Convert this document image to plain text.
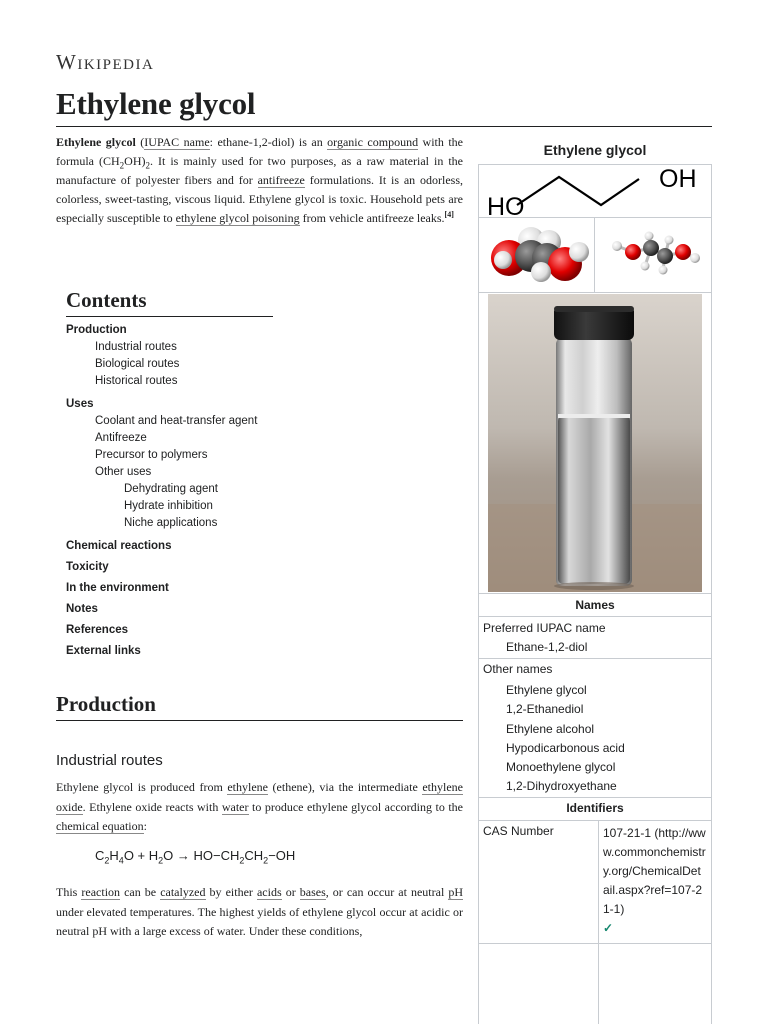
Wikipedia
Ethylene glycol
Ethylene glycol (IUPAC name: ethane-1,2-diol) is an organic compound with the formula $(CH_2OH)_2$. It is mainly used for two purposes, as a raw material in the manufacture of polyester fibers and for antifreeze formulations. It is an odorless, colorless, sweet-tasting, viscous liquid. Ethylene glycol is toxic. Household pets are especially susceptible to ethylene glycol poisoning from vehicle antifreeze leaks.[4]
Contents
Production
Industrial routes
Biological routes
Historical routes
Uses
Coolant and heat-transfer agent
Antifreeze
Precursor to polymers
Other uses
Dehydrating agent
Hydrate inhibition
Niche applications
Chemical reactions
Toxicity
In the environment
Notes
References
External links
Production
Industrial routes
Ethylene glycol is produced from ethylene (ethene), via the intermediate ethylene oxide. Ethylene oxide reacts with water to produce ethylene glycol according to the chemical equation:
$C_2H_4O + H_2O \to HO-CH_2CH_2-OH$
This reaction can be catalyzed by either acids or bases, or can occur at neutral pH under elevated temperatures. The highest yields of ethylene glycol occur at acidic or neutral pH with a large excess of water. Under these conditions,
Ethylene glycol
HO
OH
Names
Preferred IUPAC name
Ethane-1,2-diol
Other names
Ethylene glycol
1,2-Ethanediol
Ethylene alcohol
Hypodicarbonous acid
Monoethylene glycol
1,2-Dihydroxyethane
Identifiers
CAS Number	107-21-1 (http://www.commonchemistry.org/ChemicalDetail.aspx?ref=107-21-1)
✓
